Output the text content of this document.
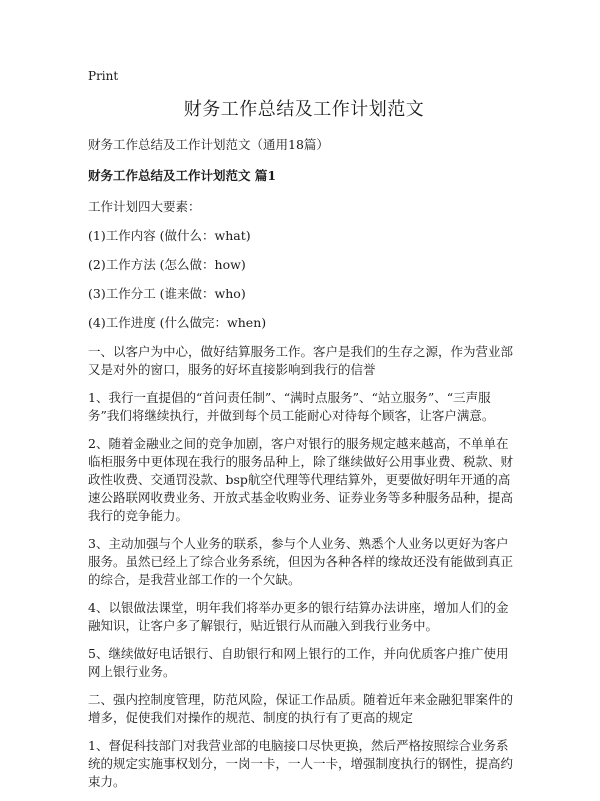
Print
财务工作总结及工作计划范文
财务工作总结及工作计划范文（通用18篇）
财务工作总结及工作计划范文 篇1
工作计划四大要素：
(1)工作内容 (做什么：what)
(2)工作方法 (怎么做：how)
(3)工作分工 (谁来做：who)
(4)工作进度 (什么做完：when)
一、以客户为中心，做好结算服务工作。客户是我们的生存之源，作为营业部又是对外的窗口，服务的好坏直接影响到我行的信誉
1、我行一直提倡的“首问责任制”、“满时点服务”、“站立服务”、“三声服务”我们将继续执行，并做到每个员工能耐心对待每个顾客，让客户满意。
2、随着金融业之间的竞争加剧，客户对银行的服务规定越来越高，不单单在临柜服务中更体现在我行的服务品种上，除了继续做好公用事业费、税款、财政性收费、交通罚没款、bsp航空代理等代理结算外，更要做好明年开通的高速公路联网收费业务、开放式基金收购业务、证券业务等多种服务品种，提高我行的竞争能力。
3、主动加强与个人业务的联系，参与个人业务、熟悉个人业务以更好为客户服务。虽然已经上了综合业务系统，但因为各种各样的缘故还没有能做到真正的综合，是我营业部工作的一个欠缺。
4、以银做法课堂，明年我们将举办更多的银行结算办法讲座，增加人们的金融知识，让客户多了解银行，贴近银行从而融入到我行业务中。
5、继续做好电话银行、自助银行和网上银行的工作，并向优质客户推广使用网上银行业务。
二、强内控制度管理，防范风险，保证工作品质。随着近年来金融犯罪案件的增多，促使我们对操作的规范、制度的执行有了更高的规定
1、督促科技部门对我营业部的电脑接口尽快更换，然后严格按照综合业务系统的规定实施事权划分，一岗一卡，一人一卡，增强制度执行的钢性，提高约束力。
